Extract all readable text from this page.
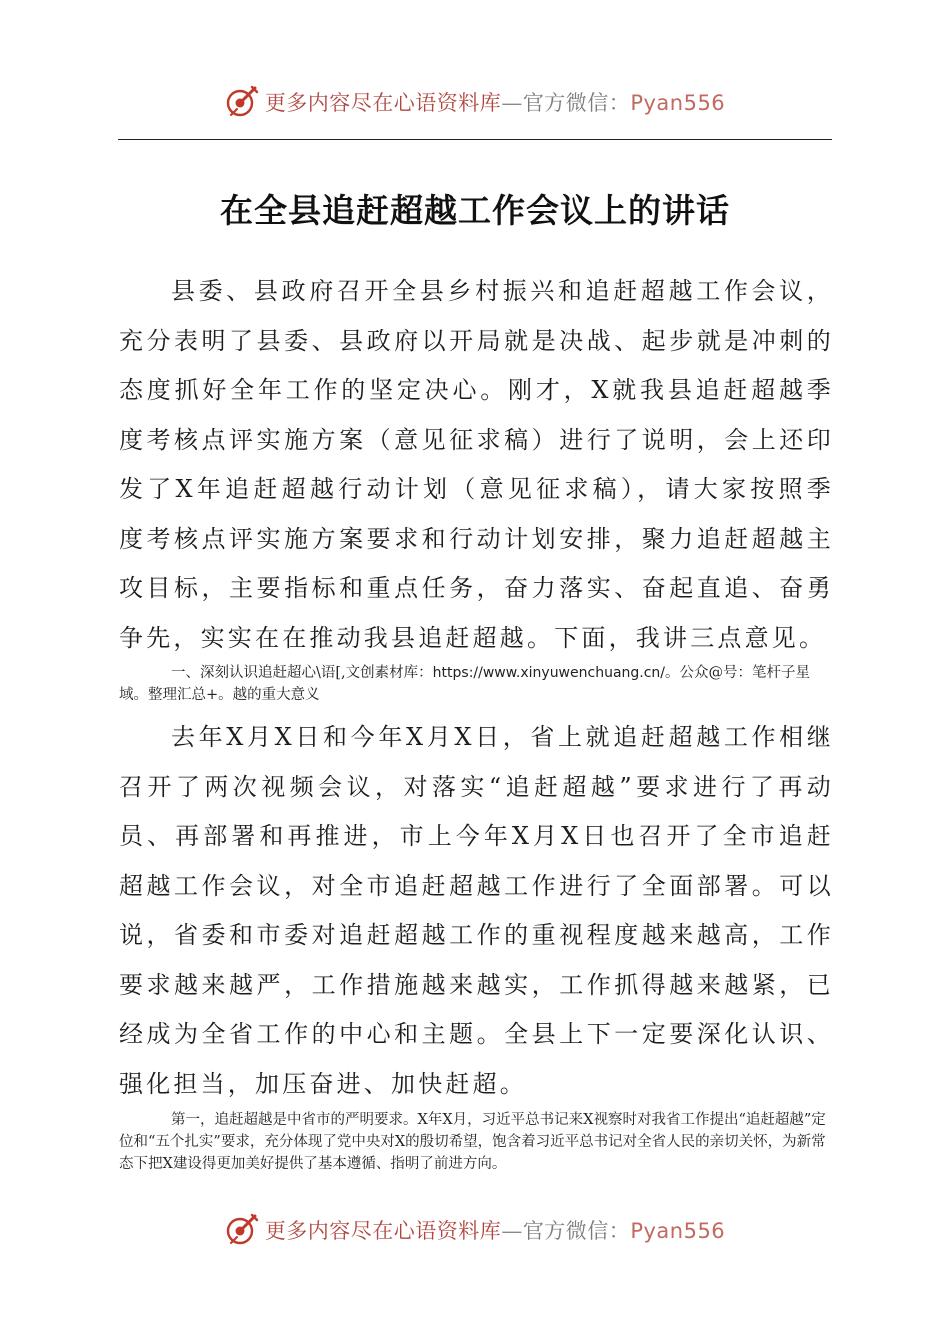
更多内容尽在心语资料库—官方微信：Pyan556
在全县追赶超越工作会议上的讲话

县委、县政府召开全县乡村振兴和追赶超越工作会议，充分表明了县委、县政府以开局就是决战、起步就是冲刺的态度抓好全年工作的坚定决心。刚才，X就我县追赶超越季度考核点评实施方案（意见征求稿）进行了说明，会上还印发了X年追赶超越行动计划（意见征求稿），请大家按照季度考核点评实施方案要求和行动计划安排，聚力追赶超越主攻目标，主要指标和重点任务，奋力落实、奋起直追、奋勇争先，实实在在推动我县追赶超越。下面，我讲三点意见。

一、深刻认识追赶超心\语[,文创素材库：https://www.xinyuwenchuang.cn/。公众@号：笔杆子星域。整理汇总+。越的重大意义

去年X月X日和今年X月X日，省上就追赶超越工作相继召开了两次视频会议，对落实“追赶超越”要求进行了再动员、再部署和再推进，市上今年X月X日也召开了全市追赶超越工作会议，对全市追赶超越工作进行了全面部署。可以说，省委和市委对追赶超越工作的重视程度越来越高，工作要求越来越严，工作措施越来越实，工作抓得越来越紧，已经成为全省工作的中心和主题。全县上下一定要深化认识、强化担当，加压奋进、加快赶超。

第一，追赶超越是中省市的严明要求。X年X月，习近平总书记来X视察时对我省工作提出“追赶超越”定位和“五个扎实”要求，充分体现了党中央对X的殷切希望，饱含着习近平总书记对全省人民的亲切关怀，为新常态下把X建设得更加美好提供了基本遵循、指明了前进方向。

更多内容尽在心语资料库—官方微信：Pyan556
